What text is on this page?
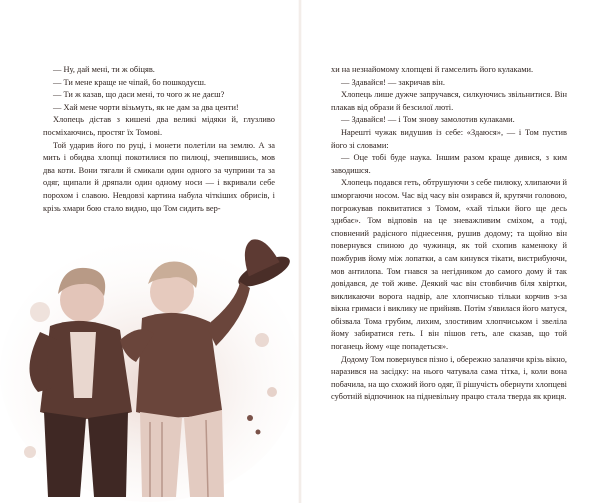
— Ну, дай мені, ти ж обіцяв.

— Ти мене краще не чіпай, бо пошкодуєш.

— Ти ж казав, що даси мені, то чого ж не даєш?

— Хай мене чорти візьмуть, як не дам за два центи!

Хлопець дістав з кишені два великі мідяки й, глузливо посміхаючись, простяг їх Томові.

Той ударив його по руці, і монети полетіли на землю. А за мить і обидва хлопці покотилися по пилюці, зчепившись, мов два коти. Вони тягали й смикали один одного за чуприни та за одяг, щипали й дряпали один одному носи — і вкривали себе порохом і славою. Невдовзі картина набула чіткіших обрисів, і крізь хмари бою стало видно, що Том сидить вер-

хи на незнайомому хлопцеві й гамселить його кулаками.

— Здавайся! — закричав він.

Хлопець лише дужче запручався, силкуючись звільнитися. Він плакав від образи й безсилої люті.

— Здавайся! — і Том знову замолотив кулаками.

Нарешті чужак видушив із себе: «Здаюся», — і Том пустив його зі словами:

— Оце тобі буде наука. Іншим разом краще дивися, з ким заводишся.

Хлопець подався геть, обтрушуючи з себе пилюку, хлипаючи й шморгаючи носом. Час від часу він озирався й, крутячи головою, погрожував поквитатися з Томом, «хай тільки його ще десь здибає». Том відповів на це зневажливим сміхом, а тоді, сповнений радісного піднесення, рушив додому; та щойно він повернувся спиною до чужинця, як той схопив каменюку й пожбурив йому між лопатки, а сам кинувся тікати, вистрибуючи, мов антилопа. Том гнався за негідником до самого дому й так довідався, де той живе. Деякий час він стовбичив біля хвіртки, викликаючи ворога надвір, але хлопчисько тільки корчив з-за вікна гримаси і виклику не прийняв. Потім з'явилася його матуся, обізвала Тома грубим, лихим, злостивим хлопчиськом і звеліла йому забиратися геть. І він пішов геть, але сказав, що той поганець йому «ще попадеться».

Додому Том повернувся пізно і, обережно залазячи крізь вікно, наразився на засідку: на нього чатувала сама тітка, і, коли вона побачила, на що схожий його одяг, її рішучість обернути хлопцеві суботній відпочинок на підневільну працю стала тверда як криця.
